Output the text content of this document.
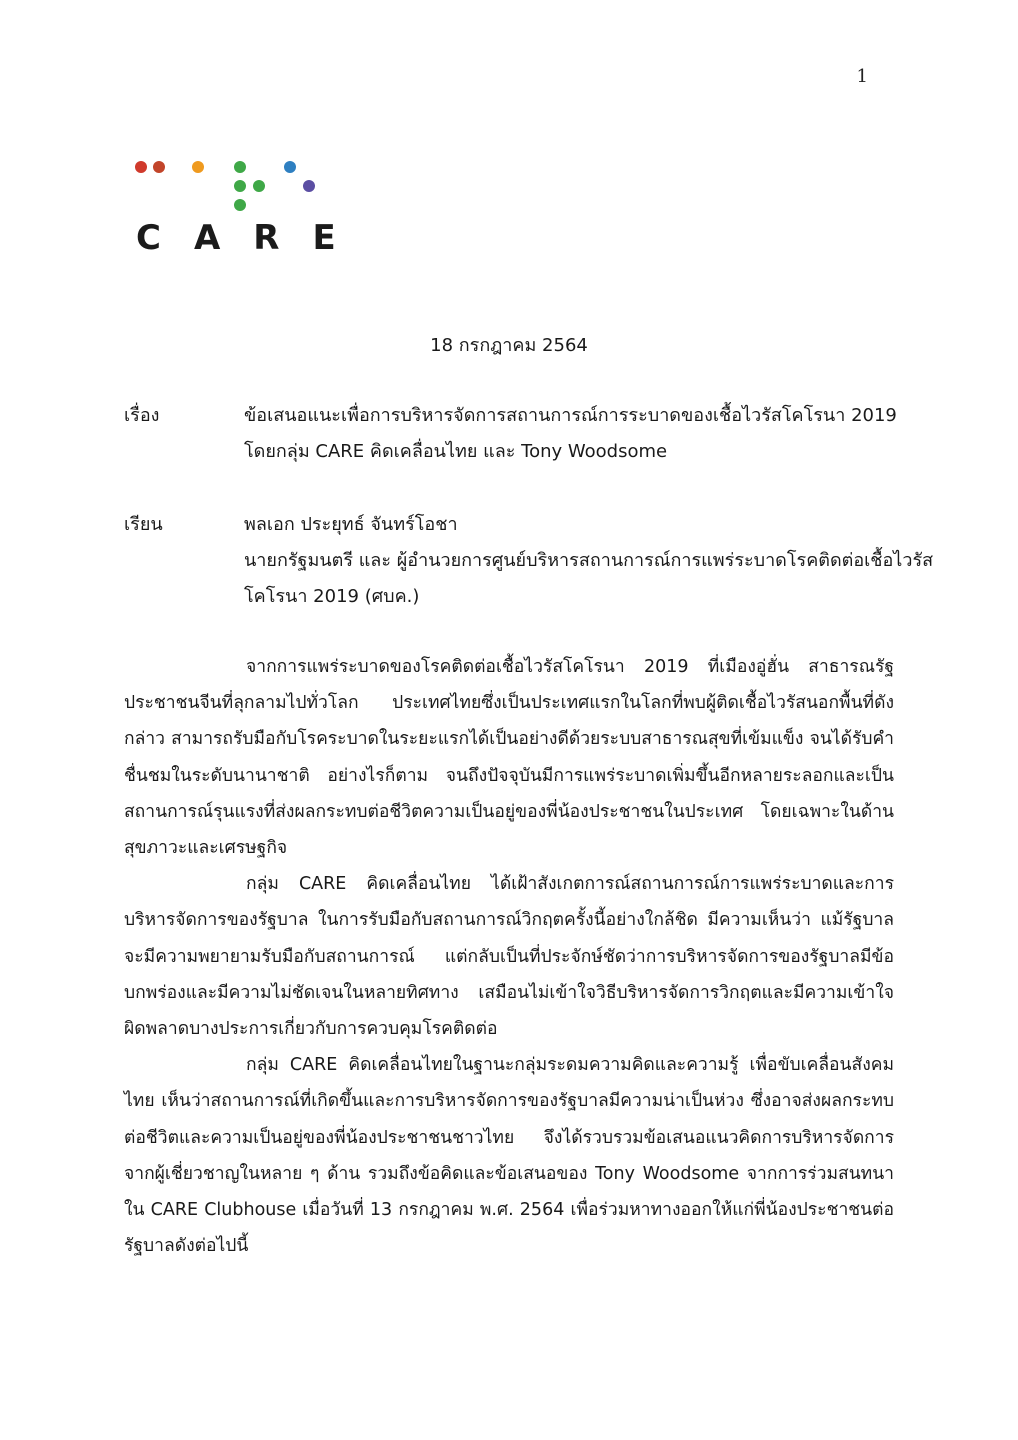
1
CARE
18 กรกฎาคม 2564
เรื่อง	ข้อเสนอแนะเพื่อการบริหารจัดการสถานการณ์การระบาดของเชื้อไวรัสโคโรนา 2019
โดยกลุ่ม CARE คิดเคลื่อนไทย และ Tony Woodsome
เรียน	พลเอก ประยุทธ์ จันทร์โอชา
นายกรัฐมนตรี และ ผู้อำนวยการศูนย์บริหารสถานการณ์การแพร่ระบาดโรคติดต่อเชื้อไวรัส
โคโรนา 2019 (ศบค.)

จากการแพร่ระบาดของโรคติดต่อเชื้อไวรัสโคโรนา 2019 ที่เมืองอู่ฮั่น สาธารณรัฐประชาชนจีนที่ลุกลามไปทั่วโลก ประเทศไทยซึ่งเป็นประเทศแรกในโลกที่พบผู้ติดเชื้อไวรัสนอกพื้นที่ดังกล่าว สามารถรับมือกับโรคระบาดในระยะแรกได้เป็นอย่างดีด้วยระบบสาธารณสุขที่เข้มแข็ง จนได้รับคำชื่นชมในระดับนานาชาติ อย่างไรก็ตาม จนถึงปัจจุบันมีการแพร่ระบาดเพิ่มขึ้นอีกหลายระลอกและเป็นสถานการณ์รุนแรงที่ส่งผลกระทบต่อชีวิตความเป็นอยู่ของพี่น้องประชาชนในประเทศ โดยเฉพาะในด้านสุขภาวะและเศรษฐกิจ

กลุ่ม CARE คิดเคลื่อนไทย ได้เฝ้าสังเกตการณ์สถานการณ์การแพร่ระบาดและการบริหารจัดการของรัฐบาล ในการรับมือกับสถานการณ์วิกฤตครั้งนี้อย่างใกล้ชิด มีความเห็นว่า แม้รัฐบาลจะมีความพยายามรับมือกับสถานการณ์ แต่กลับเป็นที่ประจักษ์ชัดว่าการบริหารจัดการของรัฐบาลมีข้อบกพร่องและมีความไม่ชัดเจนในหลายทิศทาง เสมือนไม่เข้าใจวิธีบริหารจัดการวิกฤตและมีความเข้าใจผิดพลาดบางประการเกี่ยวกับการควบคุมโรคติดต่อ

กลุ่ม CARE คิดเคลื่อนไทยในฐานะกลุ่มระดมความคิดและความรู้ เพื่อขับเคลื่อนสังคมไทย เห็นว่าสถานการณ์ที่เกิดขึ้นและการบริหารจัดการของรัฐบาลมีความน่าเป็นห่วง ซึ่งอาจส่งผลกระทบต่อชีวิตและความเป็นอยู่ของพี่น้องประชาชนชาวไทย จึงได้รวบรวมข้อเสนอแนวคิดการบริหารจัดการจากผู้เชี่ยวชาญในหลาย ๆ ด้าน รวมถึงข้อคิดและข้อเสนอของ Tony Woodsome จากการร่วมสนทนาใน CARE Clubhouse เมื่อวันที่ 13 กรกฎาคม พ.ศ. 2564 เพื่อร่วมหาทางออกให้แก่พี่น้องประชาชนต่อรัฐบาลดังต่อไปนี้
